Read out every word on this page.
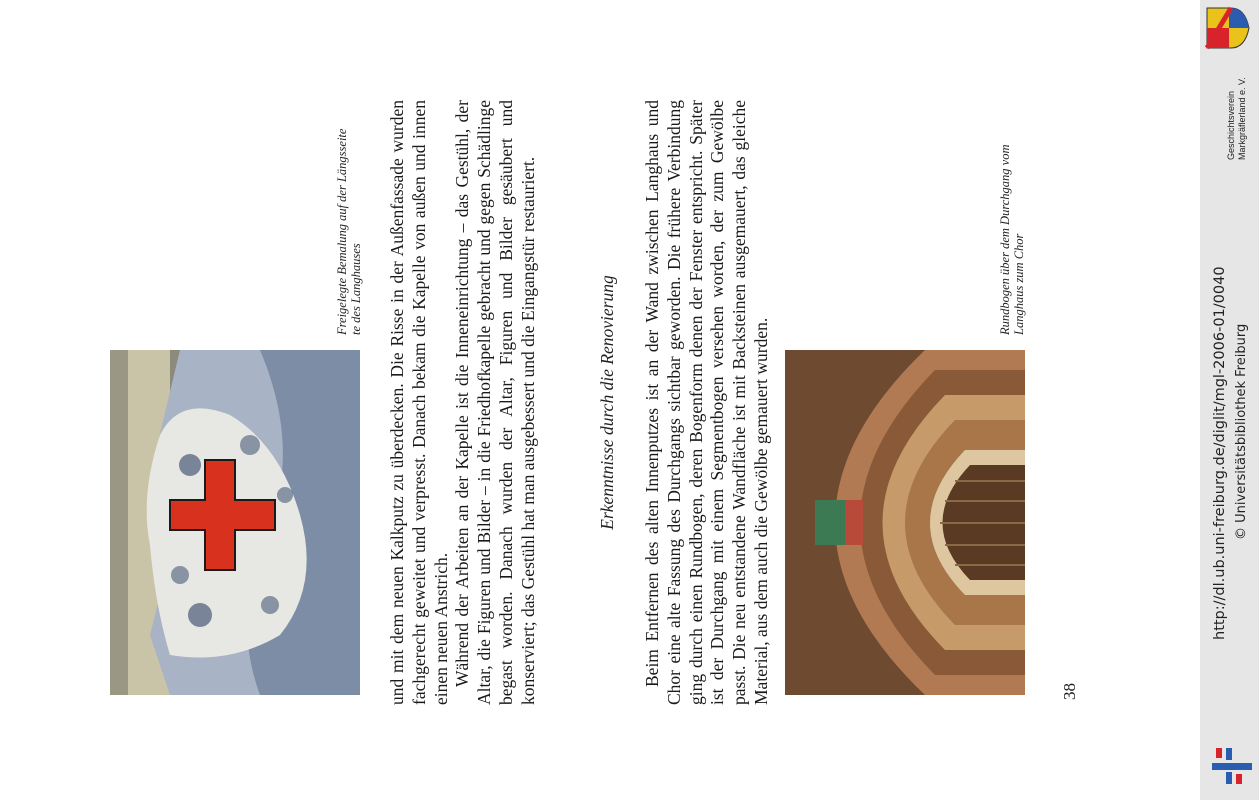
Freigelegte Bemalung auf der Längsseite te des Langhauses und mit dem neuen Kalkputz zu überdecken. Die Risse in der Außenfassade wurden fachgerecht geweitet und verpresst. Danach bekam die Kapelle von außen und innen einen neuen Anstrich. Während der Arbeiten an der Kapelle ist die Inneneinrichtung – das Gestühl, der Altar, die Figuren und Bilder – in die Friedhofkapelle gebracht und gegen Schädlinge begast worden. Danach wurden der Altar, Figuren und Bilder gesäubert und konserviert; das Gestühl hat man ausgebessert und die Eingangstür restauriert.	Erkenntnisse durch die Renovierung Beim Entfernen des alten Innenputzes ist an der Wand zwischen Langhaus und Chor eine alte Fassung des Durchgangs sichtbar geworden. Die frühere Verbindung ging durch einen Rundbogen, deren Bogenform denen der Fenster entspricht. Später ist der Durchgang mit einem Segmentbogen versehen worden, der zum Gewölbe passt. Die neu entstandene Wandfläche ist mit Backsteinen ausgemauert, das gleiche Material, aus dem auch die Gewölbe gemauert wurden.

Rundbogen über dem Durchgang vom Langhaus zum Chor
38
http://dl.ub.uni-freiburg.de/diglit/mgl-2006-01/0040 © Universitätsbibliothek Freiburg
Geschichtsverein Markgräflerland e. V.
